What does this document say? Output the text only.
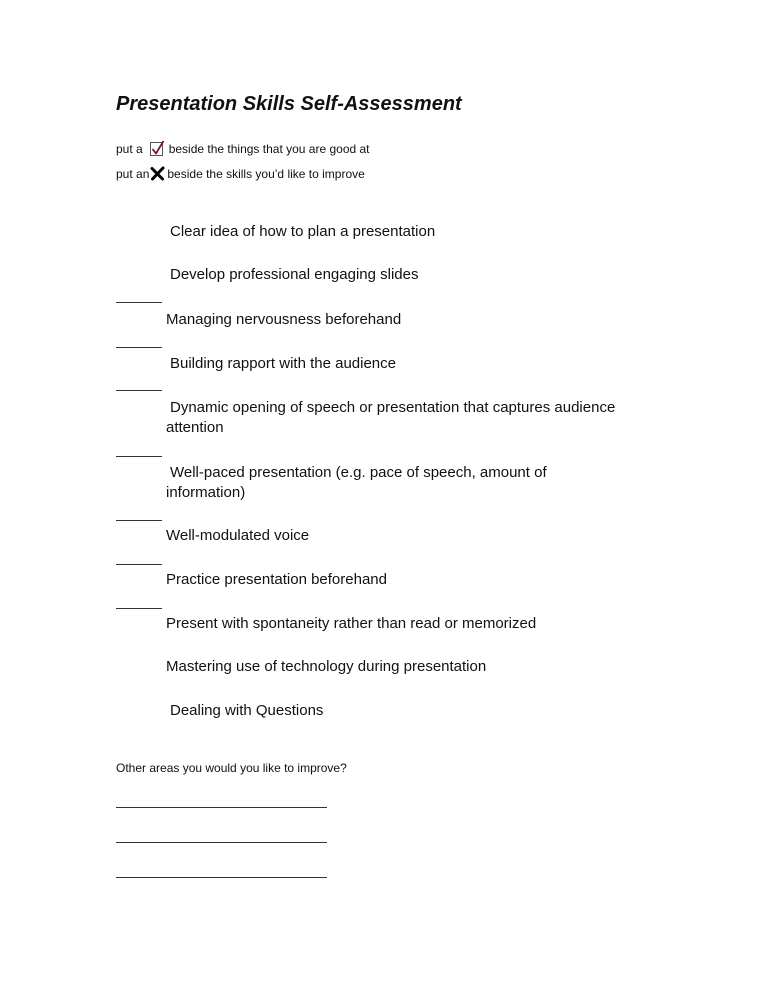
Presentation Skills Self-Assessment
put a beside the things that you are good at
put an beside the skills you’d like to improve

Clear idea of how to plan a presentation

Develop professional engaging slides

Managing nervousness beforehand

Building rapport with the audience

Dynamic opening of speech or presentation that captures audience attention

Well-paced presentation (e.g. pace of speech, amount of information)

Well-modulated voice

Practice presentation beforehand

Present with spontaneity rather than read or memorized

Mastering use of technology during presentation

Dealing with Questions

Other areas you would you like to improve?
